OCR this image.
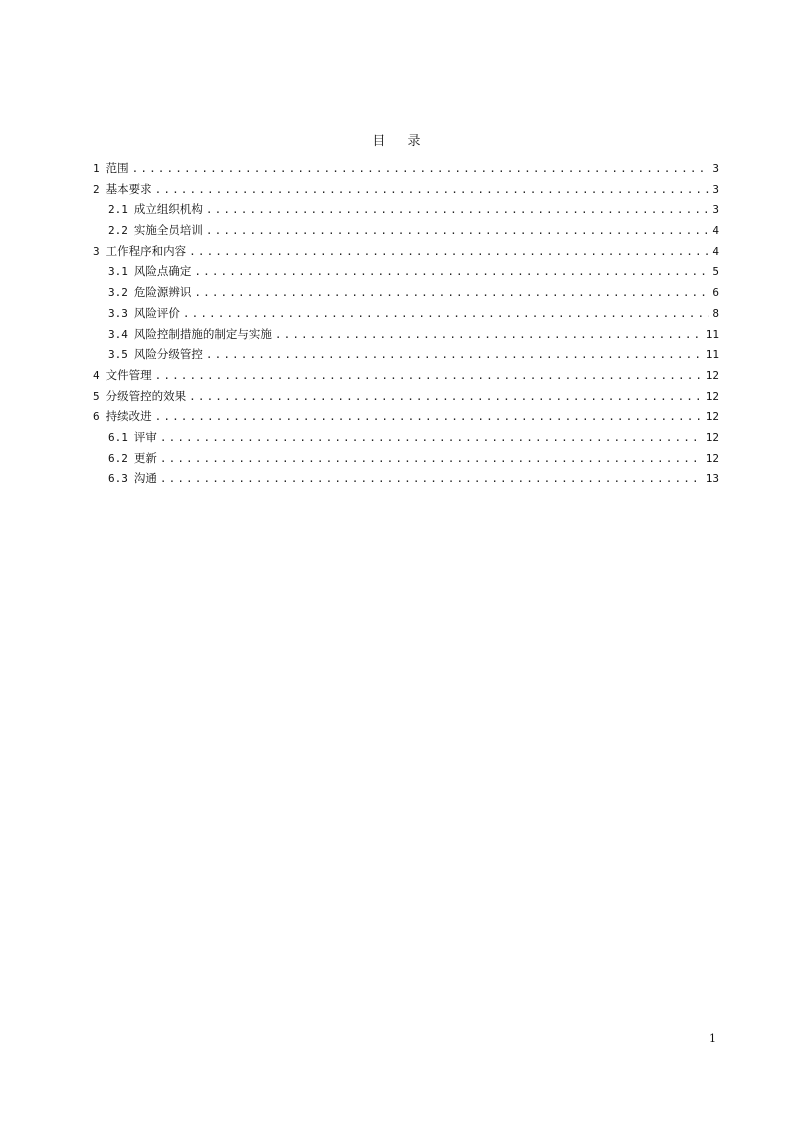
目 录
1 范围 .....	3
2 基本要求 .....	3
2.1 成立组织机构 .....	3
2.2 实施全员培训 .....	4
3 工作程序和内容 .....	4
3.1 风险点确定 .....	5
3.2 危险源辨识 .....	6
3.3 风险评价 .....	8
3.4 风险控制措施的制定与实施 .....	11
3.5 风险分级管控 .....	11
4 文件管理 .....	12
5 分级管控的效果 .....	12
6 持续改进 .....	12
6.1 评审 .....	12
6.2 更新 .....	12
6.3 沟通 .....	13
1
